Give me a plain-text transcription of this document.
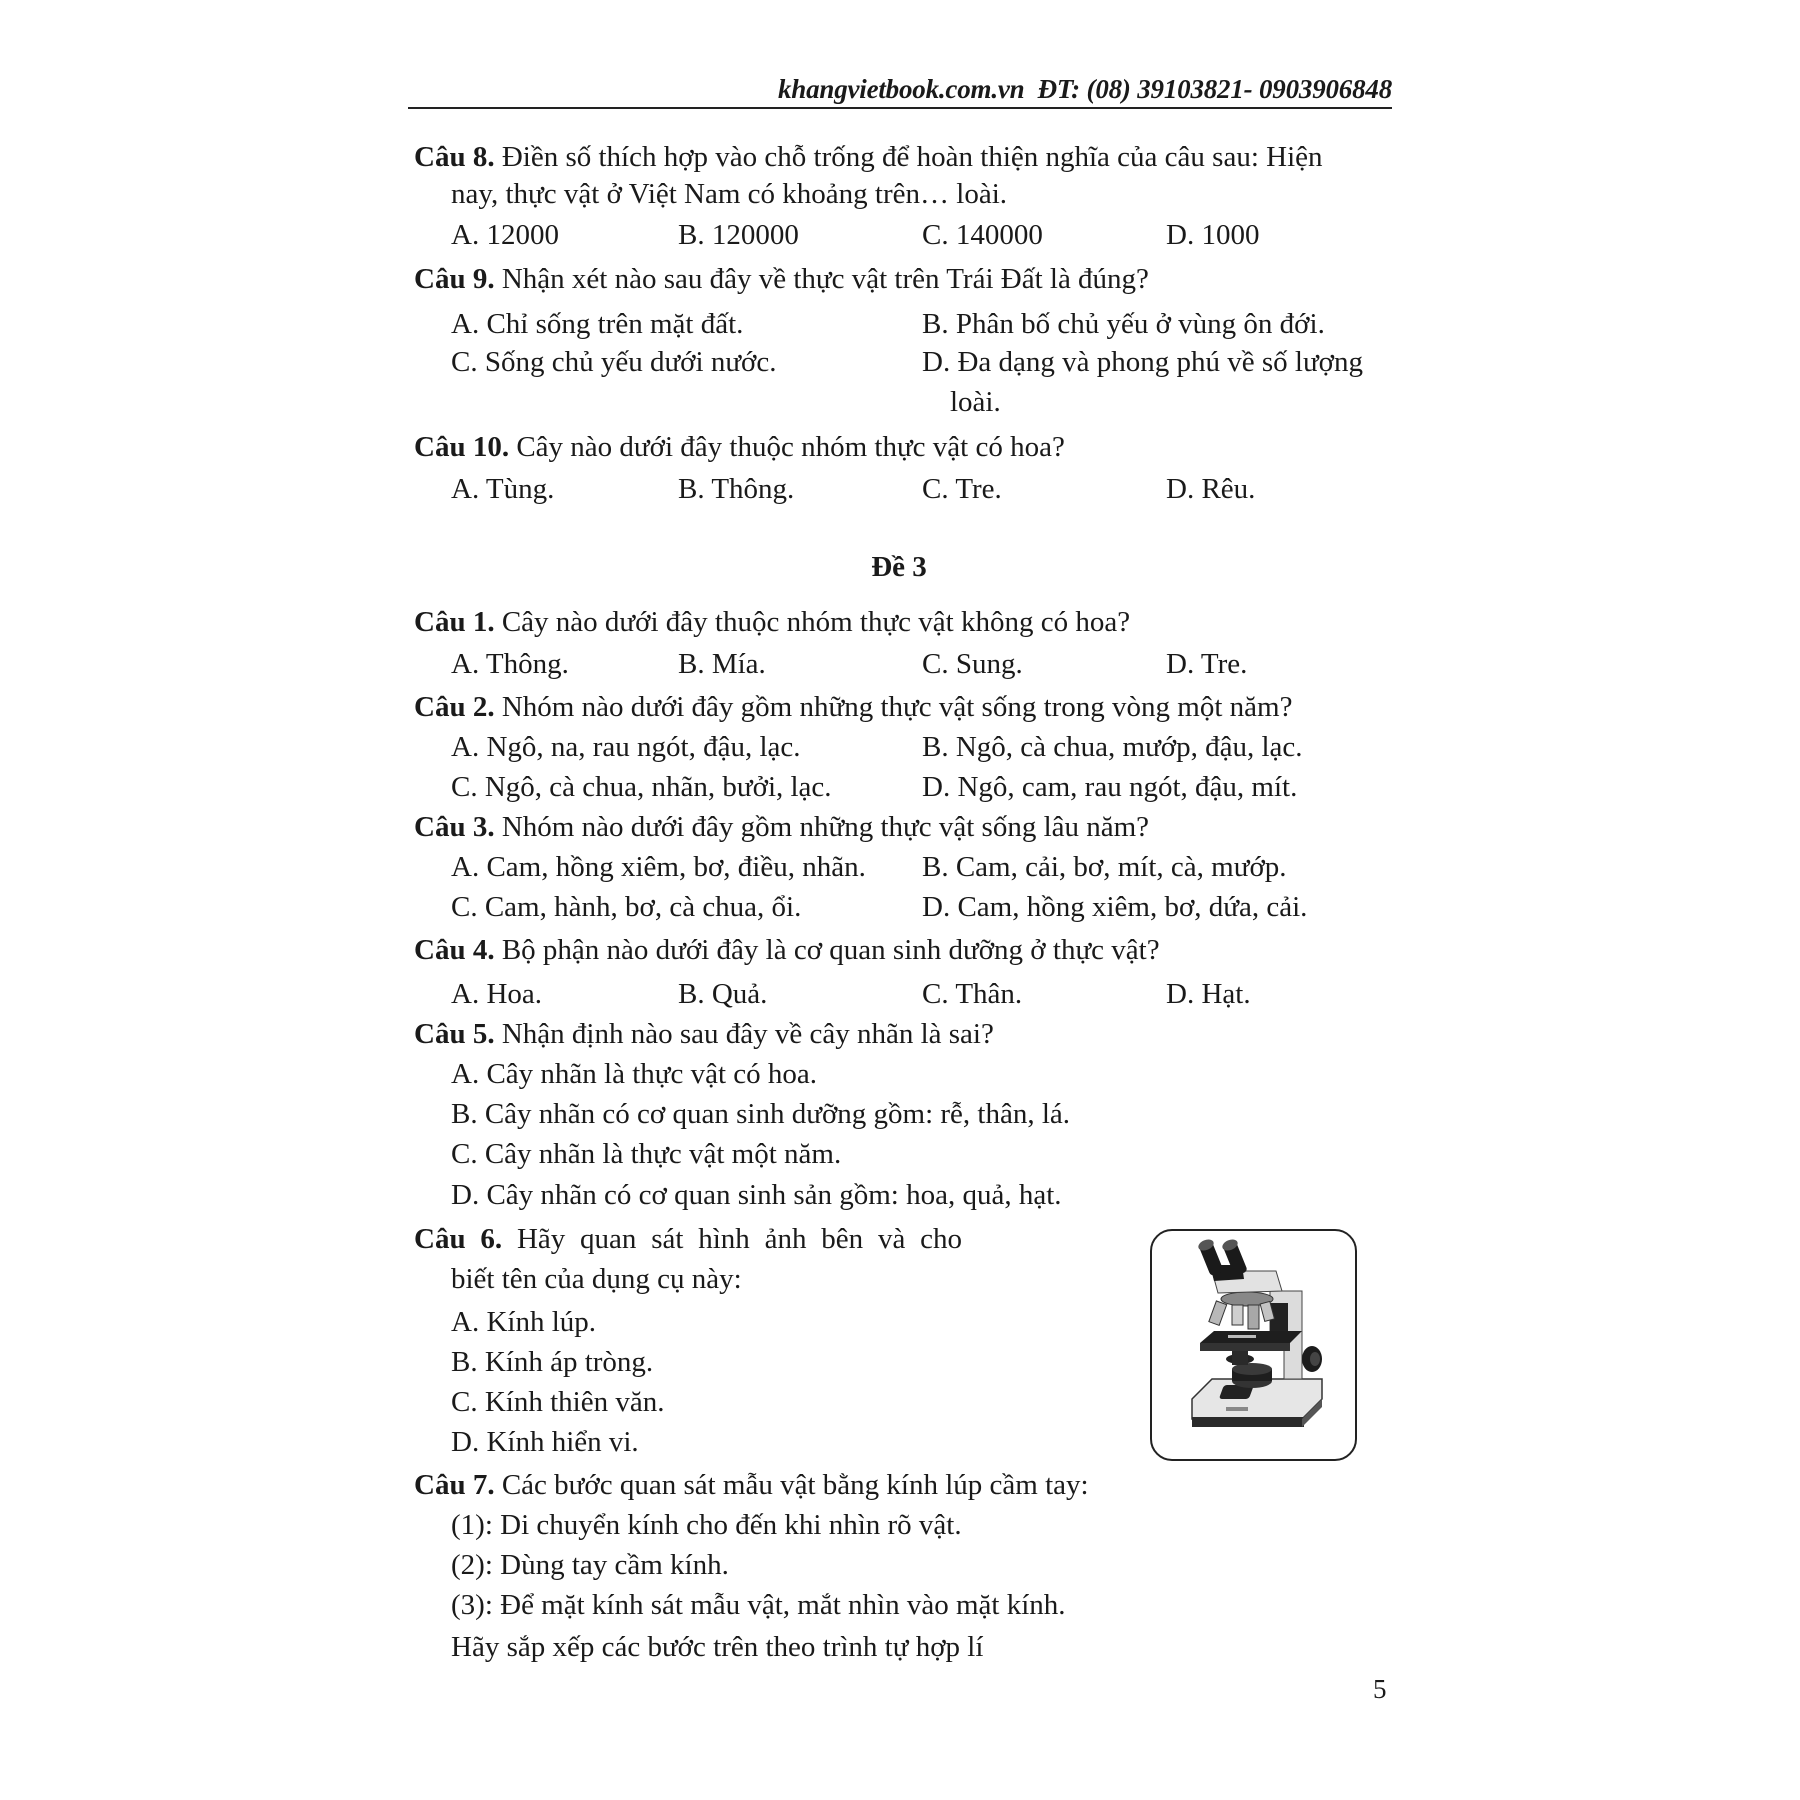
khangvietbook.com.vn ĐT: (08) 39103821- 0903906848
Câu 8. Điền số thích hợp vào chỗ trống để hoàn thiện nghĩa của câu sau: Hiện
nay, thực vật ở Việt Nam có khoảng trên… loài.
A. 12000	B. 120000	C. 140000	D. 1000
Câu 9. Nhận xét nào sau đây về thực vật trên Trái Đất là đúng?
A. Chỉ sống trên mặt đất.	B. Phân bố chủ yếu ở vùng ôn đới.
C. Sống chủ yếu dưới nước.	D. Đa dạng và phong phú về số lượng
loài.
Câu 10. Cây nào dưới đây thuộc nhóm thực vật có hoa?
A. Tùng.	B. Thông.	C. Tre.	D. Rêu.
Đề 3
Câu 1. Cây nào dưới đây thuộc nhóm thực vật không có hoa?
A. Thông.	B. Mía.	C. Sung.	D. Tre.
Câu 2. Nhóm nào dưới đây gồm những thực vật sống trong vòng một năm?
A. Ngô, na, rau ngót, đậu, lạc.	B. Ngô, cà chua, mướp, đậu, lạc.
C. Ngô, cà chua, nhãn, bưởi, lạc.	D. Ngô, cam, rau ngót, đậu, mít.
Câu 3. Nhóm nào dưới đây gồm những thực vật sống lâu năm?
A. Cam, hồng xiêm, bơ, điều, nhãn. B. Cam, cải, bơ, mít, cà, mướp.
C. Cam, hành, bơ, cà chua, ổi.	D. Cam, hồng xiêm, bơ, dứa, cải.
Câu 4. Bộ phận nào dưới đây là cơ quan sinh dưỡng ở thực vật?
A. Hoa.	B. Quả.	C. Thân.	D. Hạt.
Câu 5. Nhận định nào sau đây về cây nhãn là sai?
A. Cây nhãn là thực vật có hoa.
B. Cây nhãn có cơ quan sinh dưỡng gồm: rễ, thân, lá.
C. Cây nhãn là thực vật một năm.
D. Cây nhãn có cơ quan sinh sản gồm: hoa, quả, hạt.
Câu 6. Hãy quan sát hình ảnh bên và cho
biết tên của dụng cụ này:
A. Kính lúp.
B. Kính áp tròng.
C. Kính thiên văn.
D. Kính hiển vi.
Câu 7. Các bước quan sát mẫu vật bằng kính lúp cầm tay:
(1): Di chuyển kính cho đến khi nhìn rõ vật.
(2): Dùng tay cầm kính.
(3): Để mặt kính sát mẫu vật, mắt nhìn vào mặt kính.
Hãy sắp xếp các bước trên theo trình tự hợp lí
5
